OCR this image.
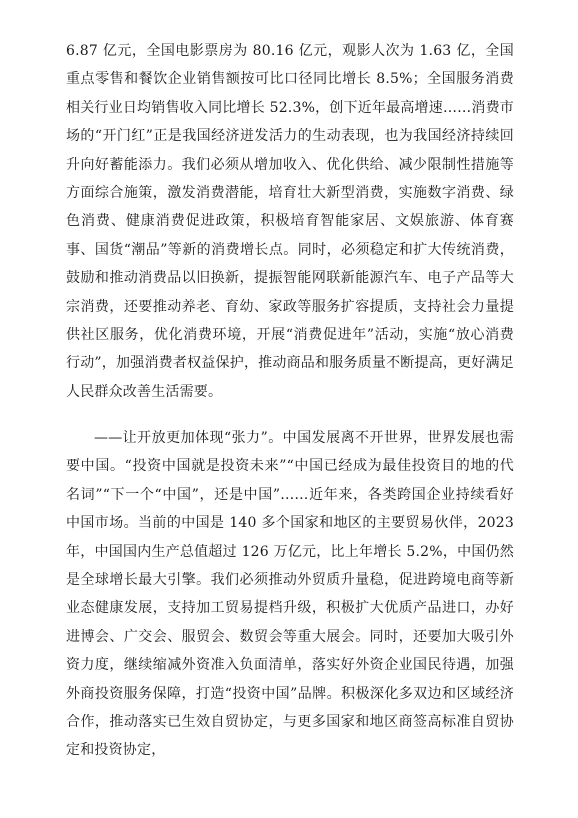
6.87 亿元，全国电影票房为 80.16 亿元，观影人次为 1.63 亿，全国重点零售和餐饮企业销售额按可比口径同比增长 8.5%；全国服务消费相关行业日均销售收入同比增长 52.3%，创下近年最高增速……消费市场的“开门红”正是我国经济迸发活力的生动表现，也为我国经济持续回升向好蓄能添力。我们必须从增加收入、优化供给、减少限制性措施等方面综合施策，激发消费潜能，培育壮大新型消费，实施数字消费、绿色消费、健康消费促进政策，积极培育智能家居、文娱旅游、体育赛事、国货“潮品”等新的消费增长点。同时，必须稳定和扩大传统消费，鼓励和推动消费品以旧换新，提振智能网联新能源汽车、电子产品等大宗消费，还要推动养老、育幼、家政等服务扩容提质，支持社会力量提供社区服务，优化消费环境，开展“消费促进年”活动，实施“放心消费行动”，加强消费者权益保护，推动商品和服务质量不断提高，更好满足人民群众改善生活需要。

——让开放更加体现“张力”。中国发展离不开世界，世界发展也需要中国。“投资中国就是投资未来”“中国已经成为最佳投资目的地的代名词”“下一个“中国”，还是中国”……近年来，各类跨国企业持续看好中国市场。当前的中国是 140 多个国家和地区的主要贸易伙伴，2023 年，中国国内生产总值超过 126 万亿元，比上年增长 5.2%，中国仍然是全球增长最大引擎。我们必须推动外贸质升量稳，促进跨境电商等新业态健康发展，支持加工贸易提档升级，积极扩大优质产品进口，办好进博会、广交会、服贸会、数贸会等重大展会。同时，还要加大吸引外资力度，继续缩减外资准入负面清单，落实好外资企业国民待遇，加强外商投资服务保障，打造“投资中国”品牌。积极深化多双边和区域经济合作，推动落实已生效自贸协定，与更多国家和地区商签高标准自贸协定和投资协定，
